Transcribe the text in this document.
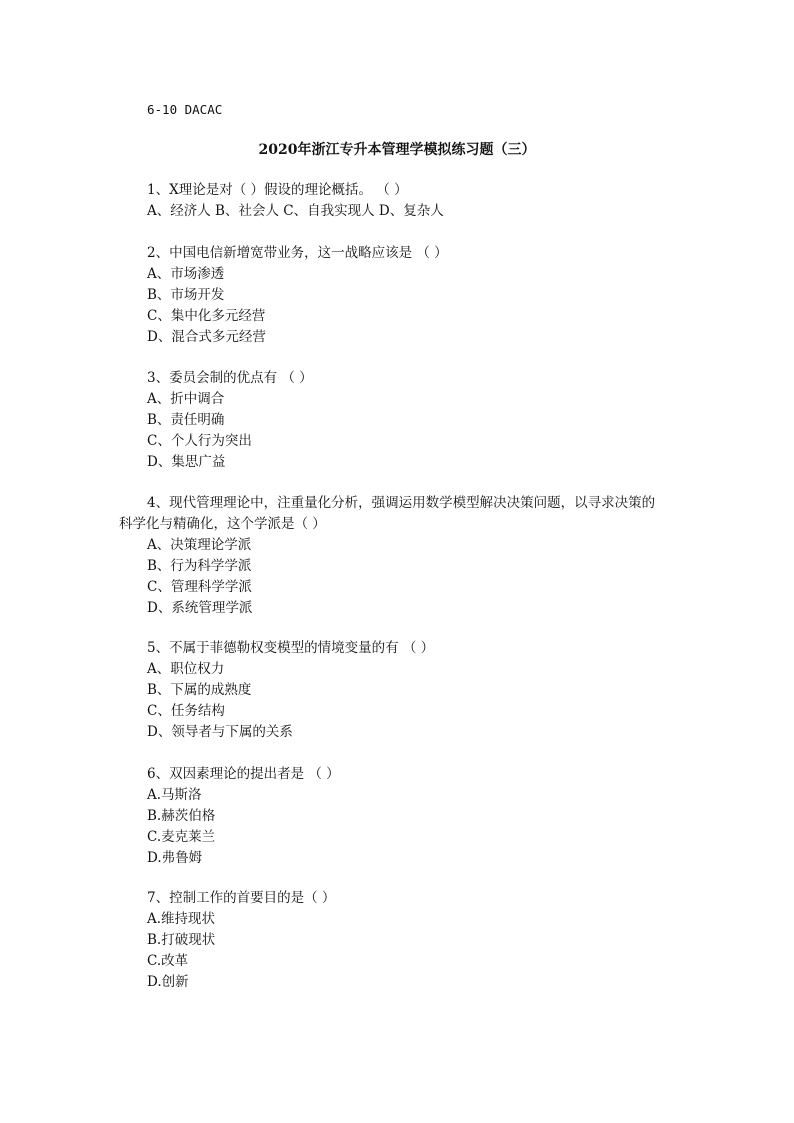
6-10 DACAC
2020年浙江专升本管理学模拟练习题（三）
1、X理论是对（ ）假设的理论概括。 （ ）
A、经济人 B、社会人 C、自我实现人 D、复杂人
2、中国电信新增宽带业务，这一战略应该是 （ ）
A、市场渗透
B、市场开发
C、集中化多元经营
D、混合式多元经营
3、委员会制的优点有 （ ）
A、折中调合
B、责任明确
C、个人行为突出
D、集思广益
4、现代管理理论中，注重量化分析，强调运用数学模型解决决策问题，以寻求决策的
科学化与精确化，这个学派是（ ）
A、决策理论学派
B、行为科学学派
C、管理科学学派
D、系统管理学派
5、不属于菲德勒权变模型的情境变量的有 （ ）
A、职位权力
B、下属的成熟度
C、任务结构
D、领导者与下属的关系
6、双因素理论的提出者是 （ ）
A.马斯洛
B.赫茨伯格
C.麦克莱兰
D.弗鲁姆
7、控制工作的首要目的是（ ）
A.维持现状
B.打破现状
C.改革
D.创新
